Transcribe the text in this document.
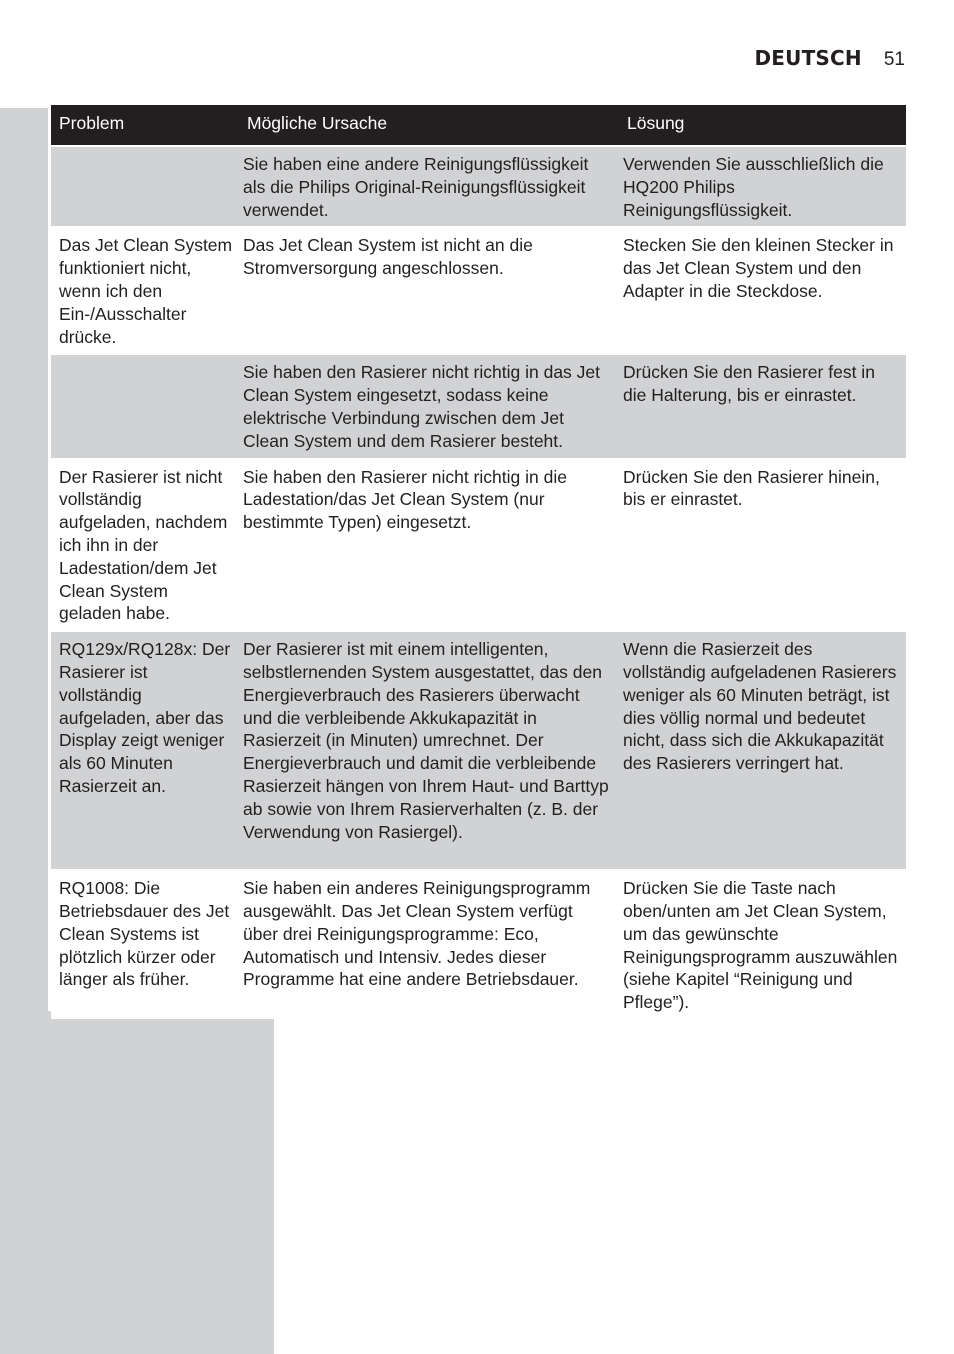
DEUTSCH 51
Problem	Mögliche Ursache	Lösung
	Sie haben eine andere Reinigungsflüssigkeit als die Philips Original-Reinigungsflüssigkeit verwendet.	Verwenden Sie ausschließlich die HQ200 Philips Reinigungsflüssigkeit.
Das Jet Clean System funktioniert nicht, wenn ich den Ein-/Ausschalter drücke.	Das Jet Clean System ist nicht an die Stromversorgung angeschlossen.	Stecken Sie den kleinen Stecker in das Jet Clean System und den Adapter in die Steckdose.
	Sie haben den Rasierer nicht richtig in das Jet Clean System eingesetzt, sodass keine elektrische Verbindung zwischen dem Jet Clean System und dem Rasierer besteht.	Drücken Sie den Rasierer fest in die Halterung, bis er einrastet.
Der Rasierer ist nicht vollständig aufgeladen, nachdem ich ihn in der Ladestation/dem Jet Clean System geladen habe.	Sie haben den Rasierer nicht richtig in die Ladestation/das Jet Clean System (nur bestimmte Typen) eingesetzt.	Drücken Sie den Rasierer hinein, bis er einrastet.
RQ129x/RQ128x: Der Rasierer ist vollständig aufgeladen, aber das Display zeigt weniger als 60 Minuten Rasierzeit an.	Der Rasierer ist mit einem intelligenten, selbstlernenden System ausgestattet, das den Energieverbrauch des Rasierers überwacht und die verbleibende Akkukapazität in Rasierzeit (in Minuten) umrechnet. Der Energieverbrauch und damit die verbleibende Rasierzeit hängen von Ihrem Haut- und Barttyp ab sowie von Ihrem Rasierverhalten (z. B. der Verwendung von Rasiergel).	Wenn die Rasierzeit des vollständig aufgeladenen Rasierers weniger als 60 Minuten beträgt, ist dies völlig normal und bedeutet nicht, dass sich die Akkukapazität des Rasierers verringert hat.
RQ1008: Die Betriebsdauer des Jet Clean Systems ist plötzlich kürzer oder länger als früher.	Sie haben ein anderes Reinigungsprogramm ausgewählt. Das Jet Clean System verfügt über drei Reinigungsprogramme: Eco, Automatisch und Intensiv. Jedes dieser Programme hat eine andere Betriebsdauer.	Drücken Sie die Taste nach oben/unten am Jet Clean System, um das gewünschte Reinigungsprogramm auszuwählen (siehe Kapitel “Reinigung und Pflege”).
